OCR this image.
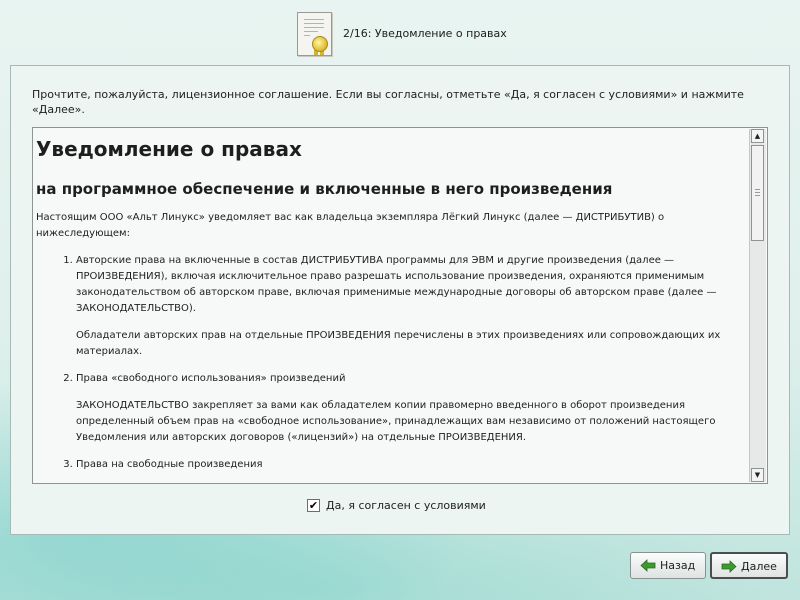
2/16: Уведомление о правах
Прочтите, пожалуйста, лицензионное соглашение. Если вы согласны, отметьте «Да, я согласен с условиями» и нажмите «Далее».
Уведомление о правах
на программное обеспечение и включенные в него произведения

Настоящим ООО «Альт Линукс» уведомляет вас как владельца экземпляра Лёгкий Линукс (далее — ДИСТРИБУТИВ) о нижеследующем:

1. Авторские права на включенные в состав ДИСТРИБУТИВА программы для ЭВМ и другие произведения (далее — ПРОИЗВЕДЕНИЯ), включая исключительное право разрешать использование произведения, охраняются применимым законодательством об авторском праве, включая применимые международные договоры об авторском праве (далее — ЗАКОНОДАТЕЛЬСТВО).

Обладатели авторских прав на отдельные ПРОИЗВЕДЕНИЯ перечислены в этих произведениях или сопровождающих их материалах.

2. Права «свободного использования» произведений

ЗАКОНОДАТЕЛЬСТВО закрепляет за вами как обладателем копии правомерно введенного в оборот произведения определенный объем прав на «свободное использование», принадлежащих вам независимо от положений настоящего Уведомления или авторских договоров («лицензий») на отдельные ПРОИЗВЕДЕНИЯ.

3. Права на свободные произведения

▲
▼
✔ Да, я согласен с условиями
Назад	Далее
